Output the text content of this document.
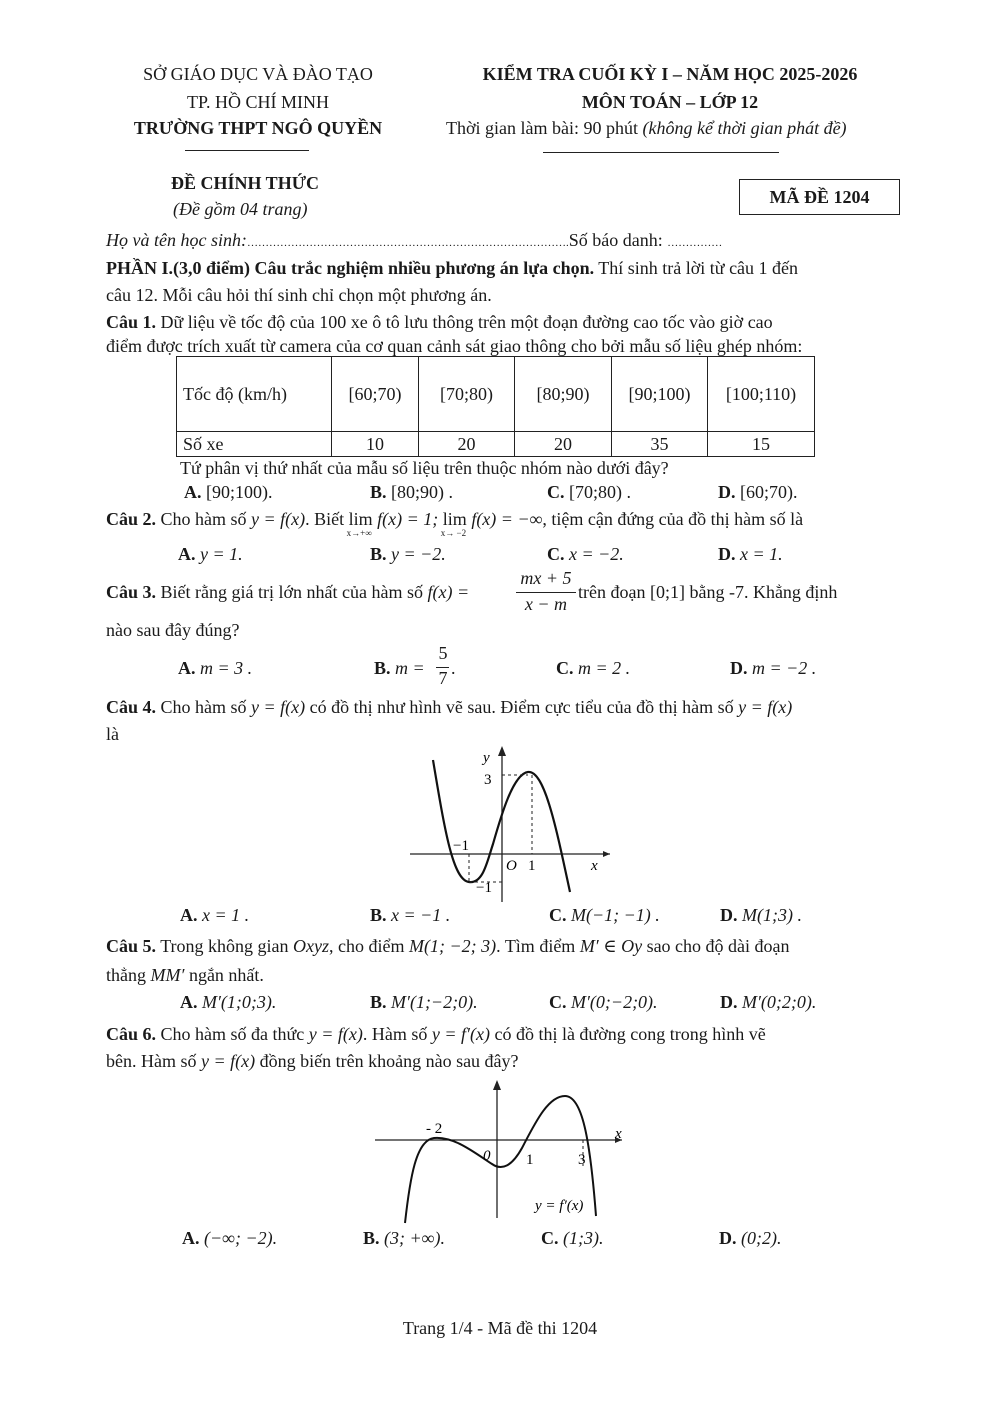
SỞ GIÁO DỤC VÀ ĐÀO TẠO
TP. HỒ CHÍ MINH
TRƯỜNG THPT NGÔ QUYỀN
KIỂM TRA CUỐI KỲ I – NĂM HỌC 2025-2026
MÔN TOÁN – LỚP 12
Thời gian làm bài: 90 phút (không kể thời gian phát đề)
ĐỀ CHÍNH THỨC
(Đề gồm 04 trang)
MÃ ĐỀ 1204
Họ và tên học sinh:…………………………………………………………………………….Số báo danh: ……………
PHẦN I.(3,0 điểm) Câu trắc nghiệm nhiều phương án lựa chọn. Thí sinh trả lời từ câu 1 đến
câu 12. Mỗi câu hỏi thí sinh chỉ chọn một phương án.
Câu 1. Dữ liệu về tốc độ của 100 xe ô tô lưu thông trên một đoạn đường cao tốc vào giờ cao
điểm được trích xuất từ camera của cơ quan cảnh sát giao thông cho bởi mẫu số liệu ghép nhóm:
Tốc độ (km/h)	[60;70)	[70;80)	[80;90)	[90;100)	[100;110)
Số xe	10	20	20	35	15
Tứ phân vị thứ nhất của mẫu số liệu trên thuộc nhóm nào dưới đây?
A. [90;100).	B. [80;90) .	C. [70;80) .	D. [60;70).
Câu 2. Cho hàm số y = f(x). Biết lim
x→+∞
f(x) = 1; lim
x→ −2
f(x) = −∞, tiệm cận đứng của đồ thị hàm số là
A. y = 1.	B. y = −2.	C. x = −2.	D. x = 1.
Câu 3. Biết rằng giá trị lớn nhất của hàm số f(x) =
mx + 5
x − m
trên đoạn [0;1] bằng -7. Khẳng định
nào sau đây đúng?
A. m = 3 .	B. m =
5
7 .	C. m = 2 .	D. m = −2 .
Câu 4. Cho hàm số y = f(x) có đồ thị như hình vẽ sau. Điểm cực tiểu của đồ thị hàm số y = f(x)
là
y
x
O
3
−1
1
−1
A. x = 1 .	B. x = −1 .	C. M(−1; −1) .	D. M(1;3) .
Câu 5. Trong không gian Oxyz, cho điểm M(1; −2; 3). Tìm điểm M′ ∈ Oy sao cho độ dài đoạn
thẳng MM′ ngắn nhất.
A. M′(1;0;3).	B. M′(1;−2;0).	C. M′(0;−2;0).	D. M′(0;2;0).
Câu 6. Cho hàm số đa thức y = f(x). Hàm số y = f′(x) có đồ thị là đường cong trong hình vẽ
bên. Hàm số y = f(x) đồng biến trên khoảng nào sau đây?
- 2
0 1	3
x
y = f′(x)
A. (−∞; −2).	B. (3; +∞).	C. (1;3).	D. (0;2).
Trang 1/4 - Mã đề thi 1204
